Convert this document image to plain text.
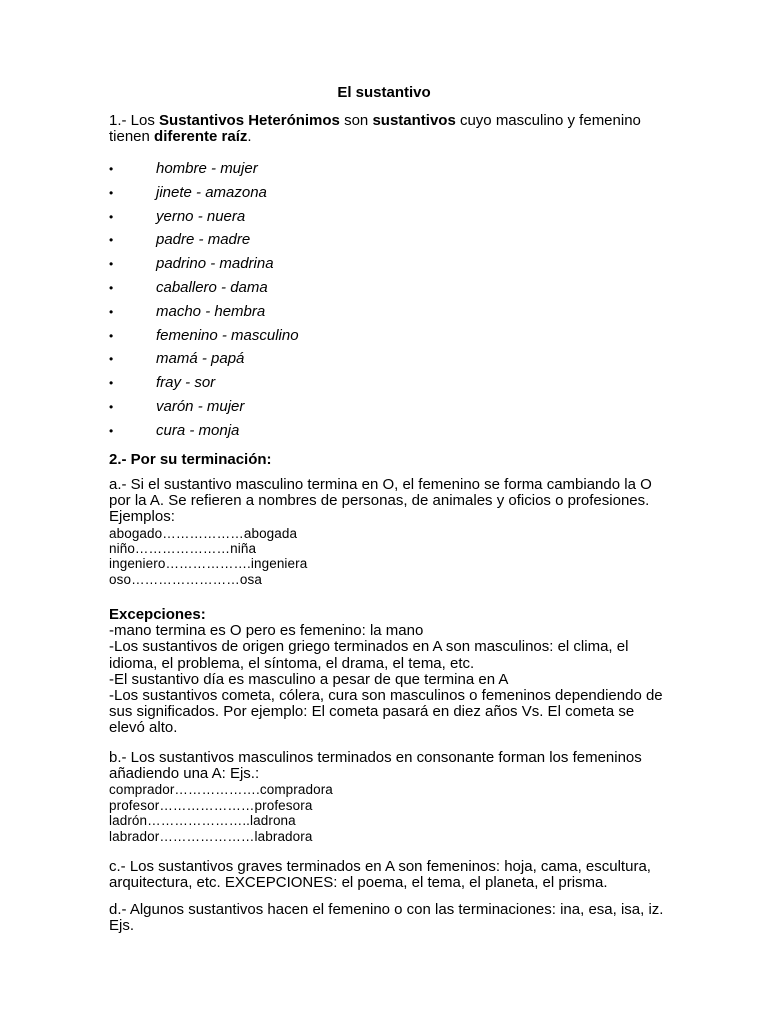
El sustantivo

1.- Los Sustantivos Heterónimos son sustantivos cuyo masculino y femenino tienen diferente raíz.

•	hombre - mujer
•	jinete - amazona
•	yerno - nuera
•	padre - madre
•	padrino - madrina
•	caballero - dama
•	macho - hembra
•	femenino - masculino
•	mamá - papá
•	fray - sor
•	varón - mujer
•	cura - monja

2.- Por su terminación:

a.- Si el sustantivo masculino termina en O, el femenino se forma cambiando la O por la A. Se refieren a nombres de personas, de animales y oficios o profesiones.
Ejemplos:
abogado………………abogada
niño…………………niña
ingeniero……………….ingeniera
oso……………………osa
Excepciones:
-mano termina es O pero es femenino: la mano
-Los sustantivos de origen griego terminados en A son masculinos: el clima, el idioma, el problema, el síntoma, el drama, el tema, etc.
-El sustantivo día es masculino a pesar de que termina en A
-Los sustantivos cometa, cólera, cura son masculinos o femeninos dependiendo de sus significados. Por ejemplo: El cometa pasará en diez años Vs. El cometa se elevó alto.
b.- Los sustantivos masculinos terminados en consonante forman los femeninos añadiendo una A: Ejs.:
comprador……………….compradora
profesor…………………profesora
ladrón…………………..ladrona
labrador…………………labradora
c.- Los sustantivos graves terminados en A son femeninos: hoja, cama, escultura, arquitectura, etc. EXCEPCIONES: el poema, el tema, el planeta, el prisma.
d.- Algunos sustantivos hacen el femenino o con las terminaciones: ina, esa, isa, iz. Ejs.
